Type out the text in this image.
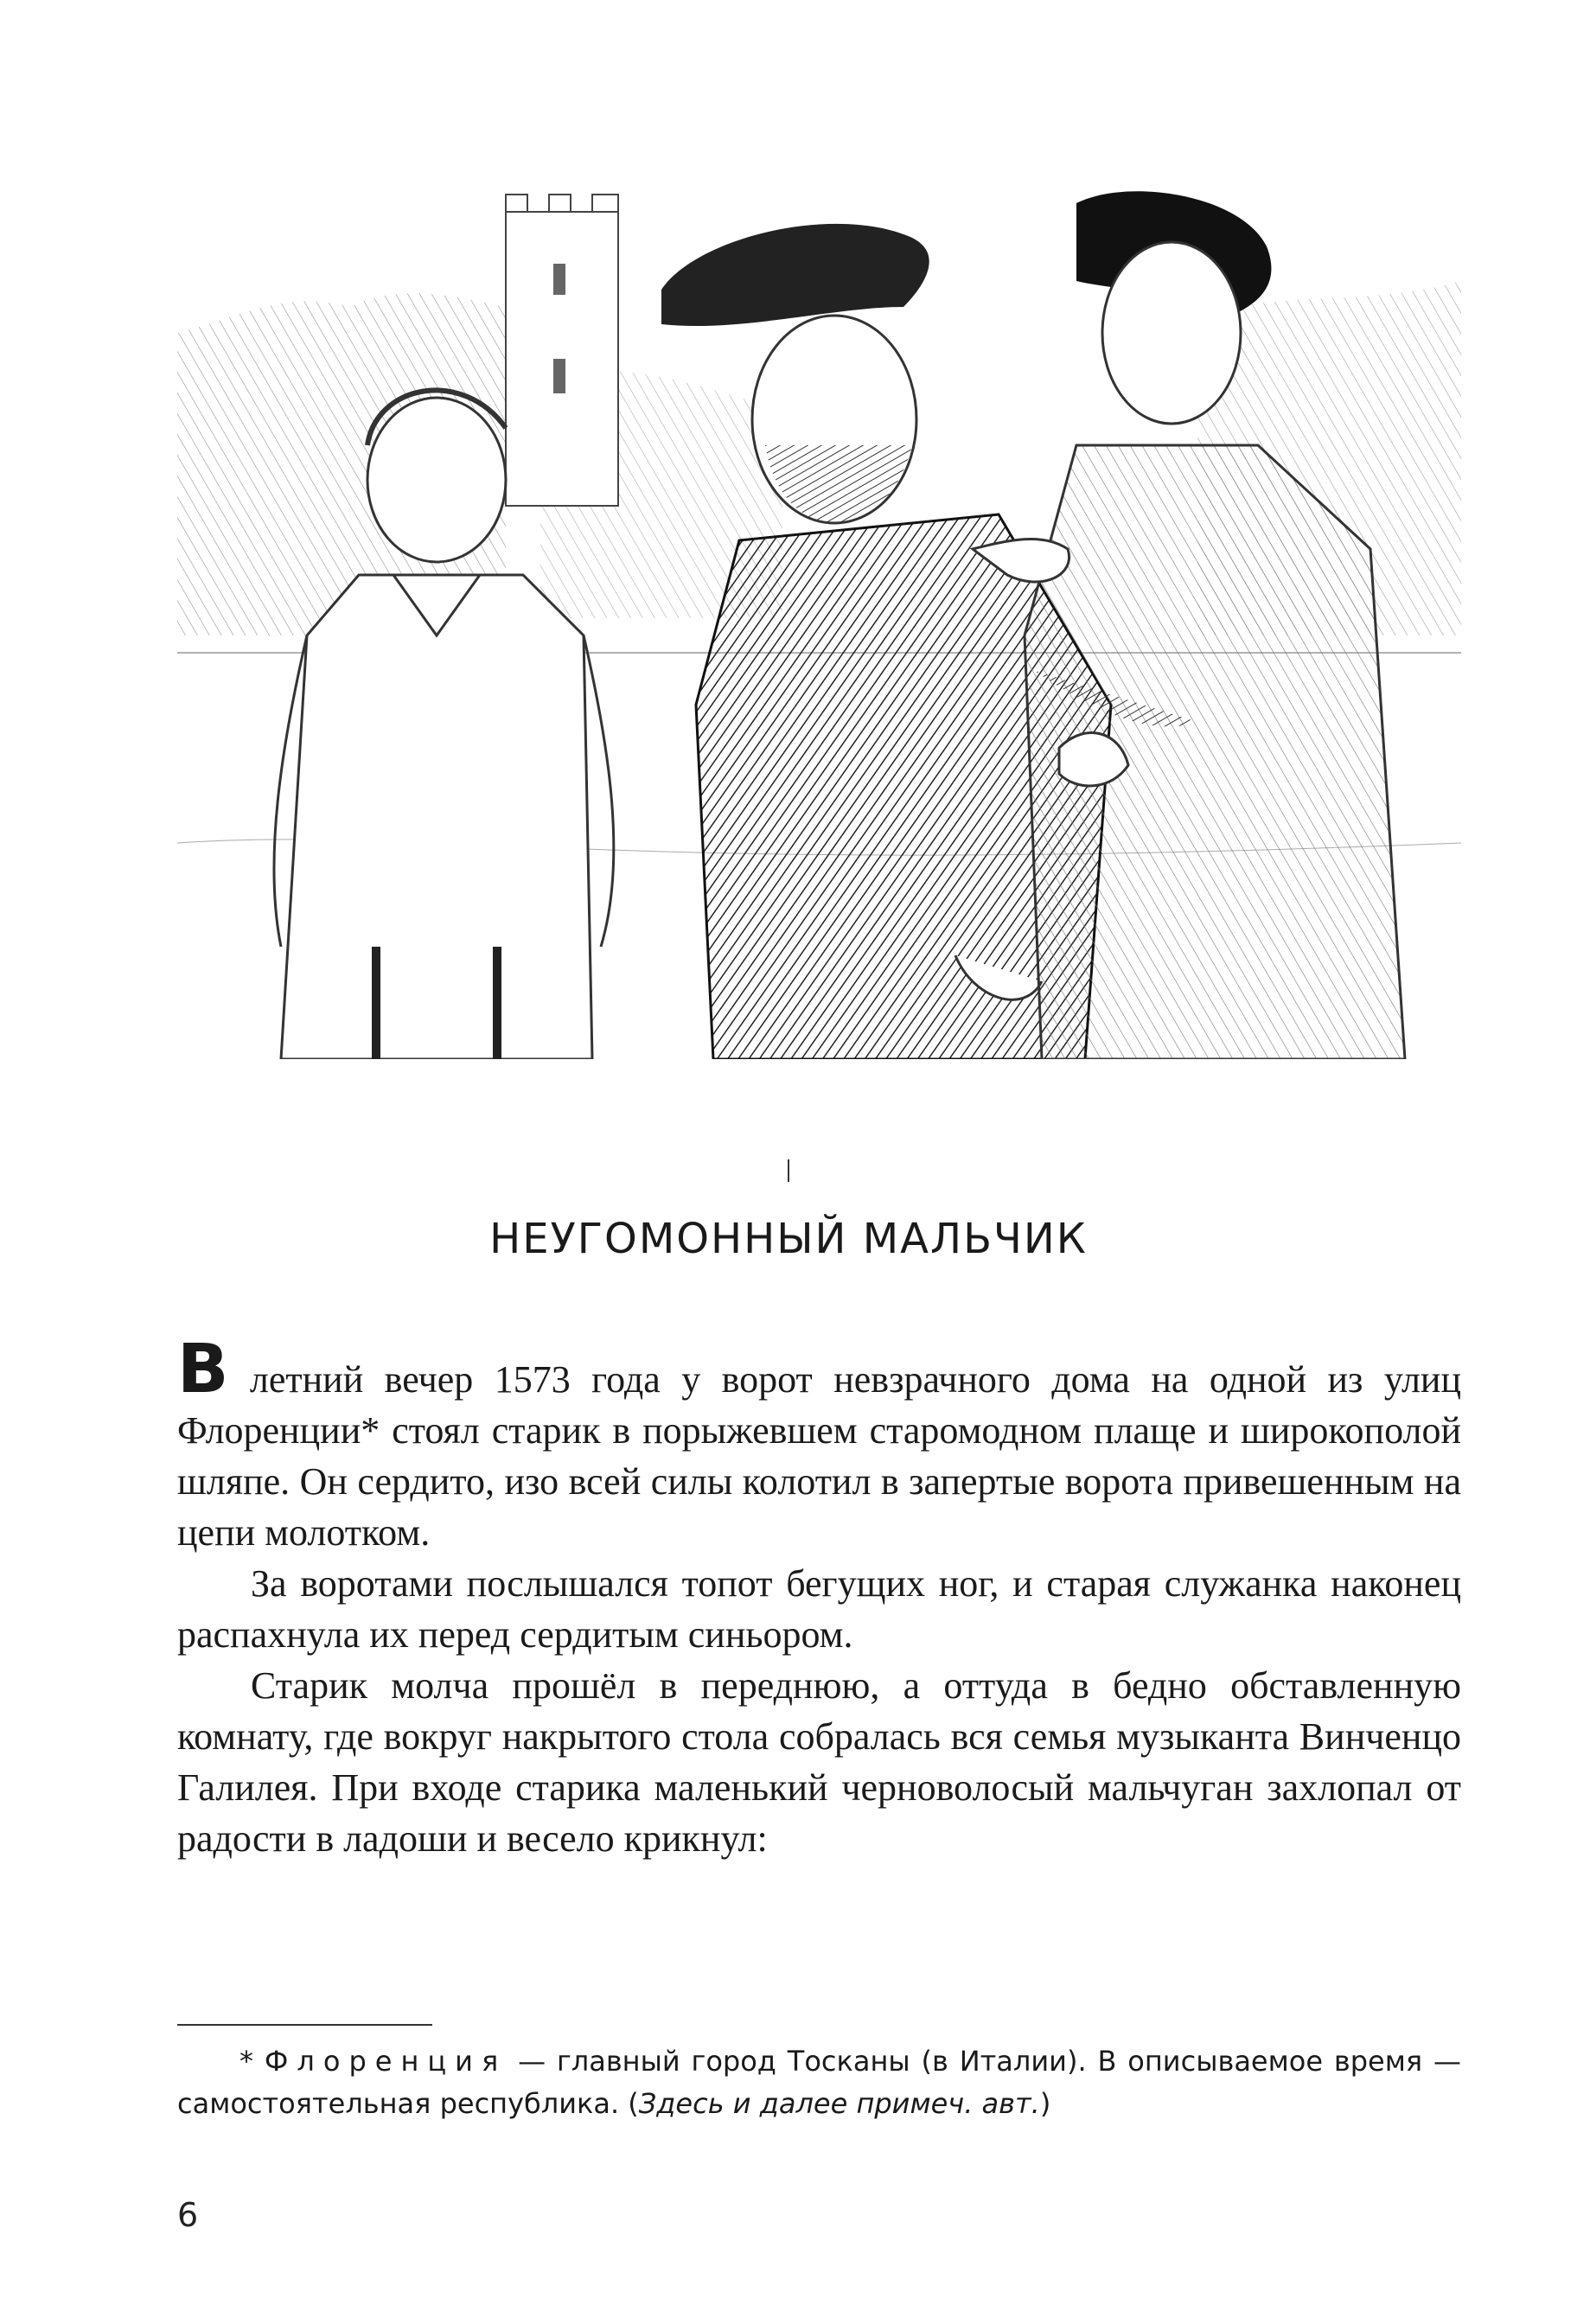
I
НЕУГОМОННЫЙ МАЛЬЧИК

В летний вечер 1573 года у ворот невзрачного дома на одной из улиц Флоренции* стоял старик в порыжевшем старомодном плаще и широкополой шляпе. Он сердито, изо всей силы колотил в запертые ворота привешенным на цепи молотком.

За воротами послышался топот бегущих ног, и старая служанка наконец распахнула их перед сердитым синьором.

Старик молча прошёл в переднюю, а оттуда в бедно обставленную комнату, где вокруг накрытого стола собралась вся семья музыканта Винченцо Галилея. При входе старика маленький черноволосый мальчуган захлопал от радости в ладоши и весело крикнул:

* Флоренция — главный город Тосканы (в Италии). В описываемое время — самостоятельная республика. (Здесь и далее примеч. авт.)

6
